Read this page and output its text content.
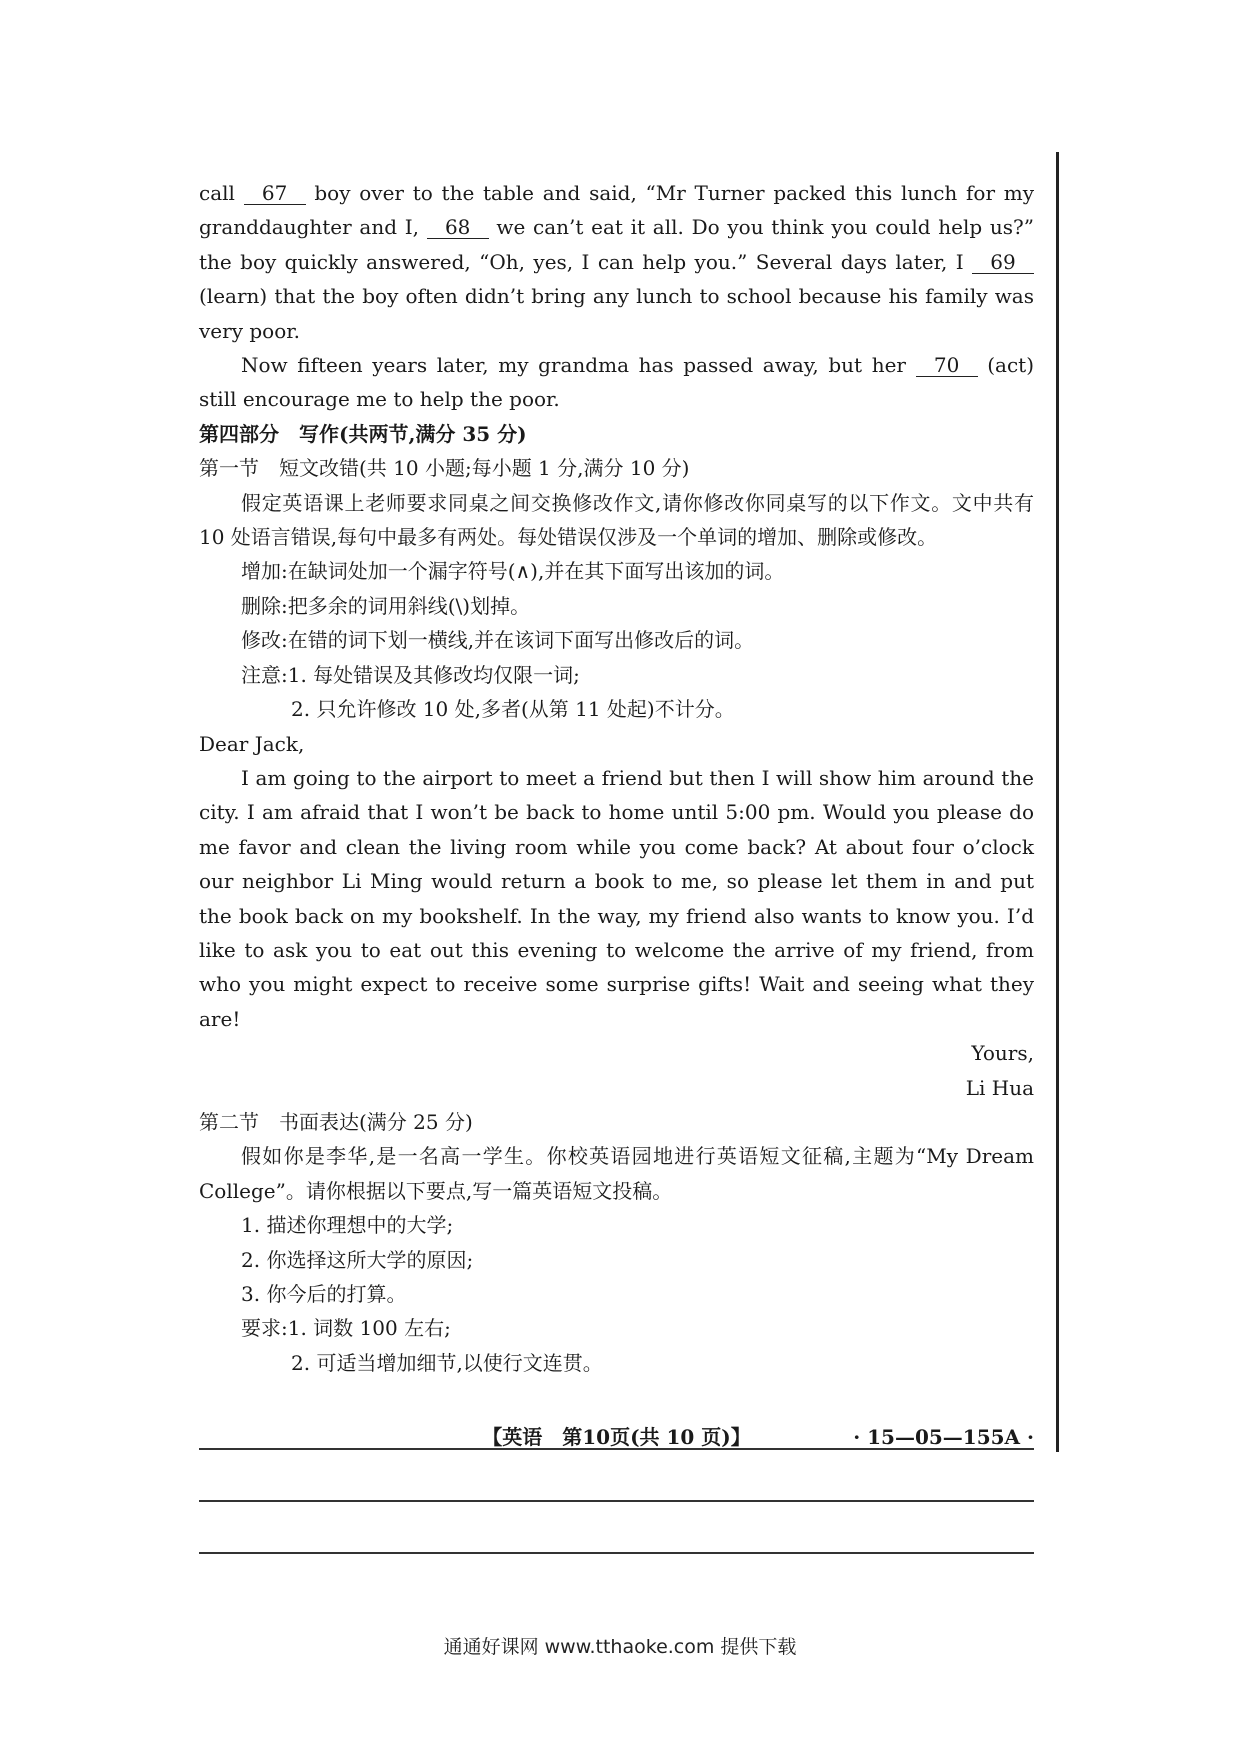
call 67 boy over to the table and said, “Mr Turner packed this lunch for my granddaughter and I, 68 we can’t eat it all. Do you think you could help us?” the boy quickly answered, “Oh, yes, I can help you.” Several days later, I 69 (learn) that the boy often didn’t bring any lunch to school because his family was very poor.

Now fifteen years later, my grandma has passed away, but her 70 (act) still encourage me to help the poor.

第四部分　写作(共两节,满分 35 分)

第一节　短文改错(共 10 小题;每小题 1 分,满分 10 分)

假定英语课上老师要求同桌之间交换修改作文,请你修改你同桌写的以下作文。文中共有 10 处语言错误,每句中最多有两处。每处错误仅涉及一个单词的增加、删除或修改。

增加:在缺词处加一个漏字符号(∧),并在其下面写出该加的词。

删除:把多余的词用斜线(\)划掉。

修改:在错的词下划一横线,并在该词下面写出修改后的词。

注意:1. 每处错误及其修改均仅限一词;

2. 只允许修改 10 处,多者(从第 11 处起)不计分。

Dear Jack,

I am going to the airport to meet a friend but then I will show him around the city. I am afraid that I won’t be back to home until 5:00 pm. Would you please do me favor and clean the living room while you come back? At about four o’clock our neighbor Li Ming would return a book to me, so please let them in and put the book back on my bookshelf. In the way, my friend also wants to know you. I’d like to ask you to eat out this evening to welcome the arrive of my friend, from who you might expect to receive some surprise gifts! Wait and seeing what they are!

Yours,

Li Hua

第二节　书面表达(满分 25 分)

假如你是李华,是一名高一学生。你校英语园地进行英语短文征稿,主题为“My Dream College”。请你根据以下要点,写一篇英语短文投稿。

1. 描述你理想中的大学;

2. 你选择这所大学的原因;

3. 你今后的打算。

要求:1. 词数 100 左右;

2. 可适当增加细节,以使行文连贯。

【英语　第10页(共 10 页)】	· 15—05—155A ·
通通好课网 www.tthaoke.com 提供下载
